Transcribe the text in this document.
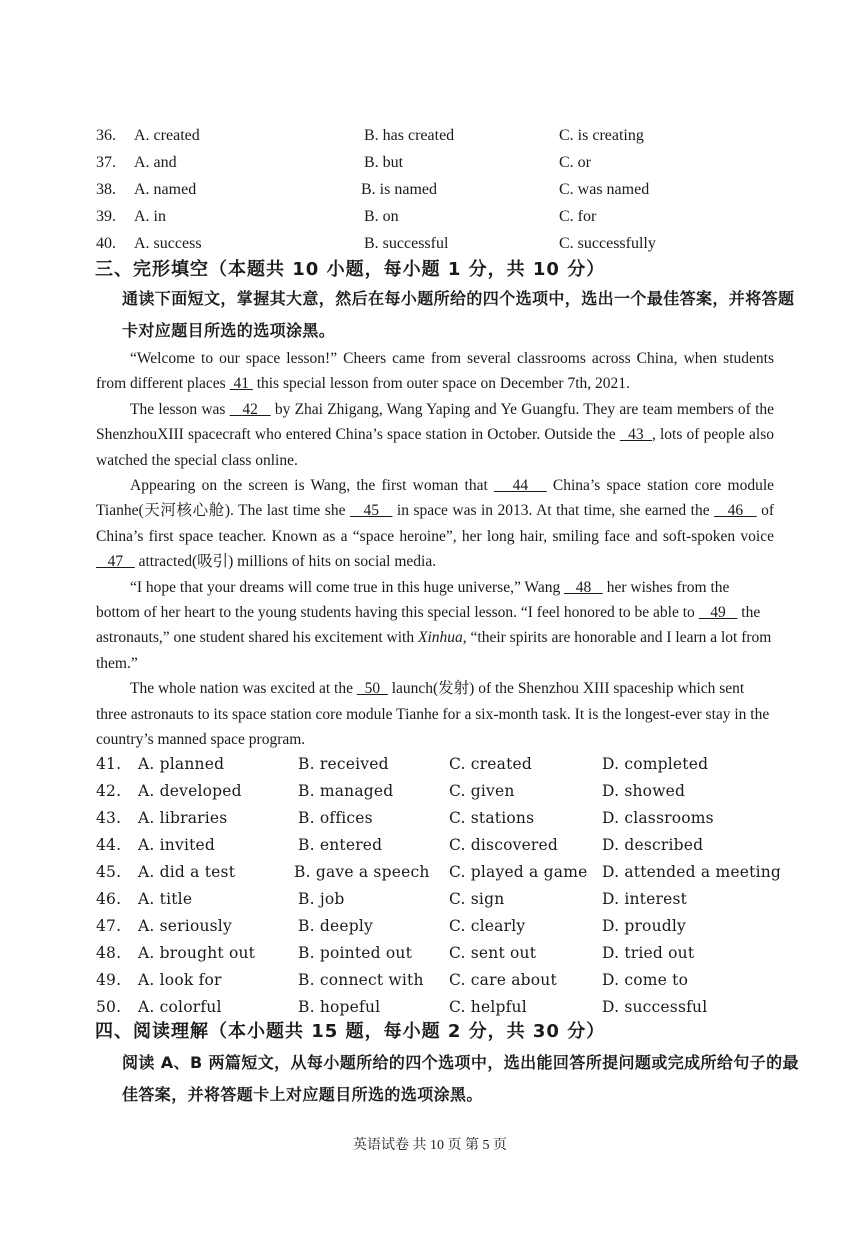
36. A. created	B. has created	C. is creating
37. A. and	B. but	C. or
38. A. named	B. is named	C. was named
39. A. in	B. on	C. for
40. A. success	B. successful	C. successfully
三、完形填空（本题共 10 小题，每小题 1 分，共 10 分）
通读下面短文，掌握其大意，然后在每小题所给的四个选项中，选出一个最佳答案，并将答题卡对应题目所选的选项涂黑。

“Welcome to our space lesson!” Cheers came from several classrooms across China, when students from different places  41  this special lesson from outer space on December 7th, 2021.

The lesson was    42    by Zhai Zhigang, Wang Yaping and Ye Guangfu. They are team members of the ShenzhouXIII spacecraft who entered China’s space station in October. Outside the   43  , lots of people also watched the special class online.

Appearing on the screen is Wang, the first woman that    44    China’s space station core module Tianhe(天河核心舱). The last time she    45    in space was in 2013. At that time, she earned the    46    of China’s first space teacher. Known as a “space heroine”, her long hair, smiling face and soft-spoken voice    47    attracted(吸引) millions of hits on social media.

“I hope that your dreams will come true in this huge universe,” Wang    48    her wishes from the bottom of her heart to the young students having this special lesson. “I feel honored to be able to    49    the astronauts,” one student shared his excitement with Xinhua, “their spirits are honorable and I learn a lot from them.”

The whole nation was excited at the   50   launch(发射) of the Shenzhou XIII spaceship which sent three astronauts to its space station core module Tianhe for a six-month task. It is the longest-ever stay in the country’s manned space program.

41. A. planned	B. received	C. created	D. completed
42. A. developed	B. managed	C. given	D. showed
43. A. libraries	B. offices	C. stations	D. classrooms
44. A. invited	B. entered	C. discovered	D. described
45. A. did a test	B. gave a speech C. played a game D. attended a meeting
46. A. title	B. job	C. sign	D. interest
47. A. seriously	B. deeply	C. clearly	D. proudly
48. A. brought out	B. pointed out C. sent out	D. tried out
49. A. look for	B. connect with C. care about	D. come to
50. A. colorful	B. hopeful	C. helpful	D. successful
四、阅读理解（本小题共 15 题，每小题 2 分，共 30 分）
阅读 A、B 两篇短文，从每小题所给的四个选项中，选出能回答所提问题或完成所给句子的最佳答案，并将答题卡上对应题目所选的选项涂黑。
英语试卷 共 10 页 第 5 页
